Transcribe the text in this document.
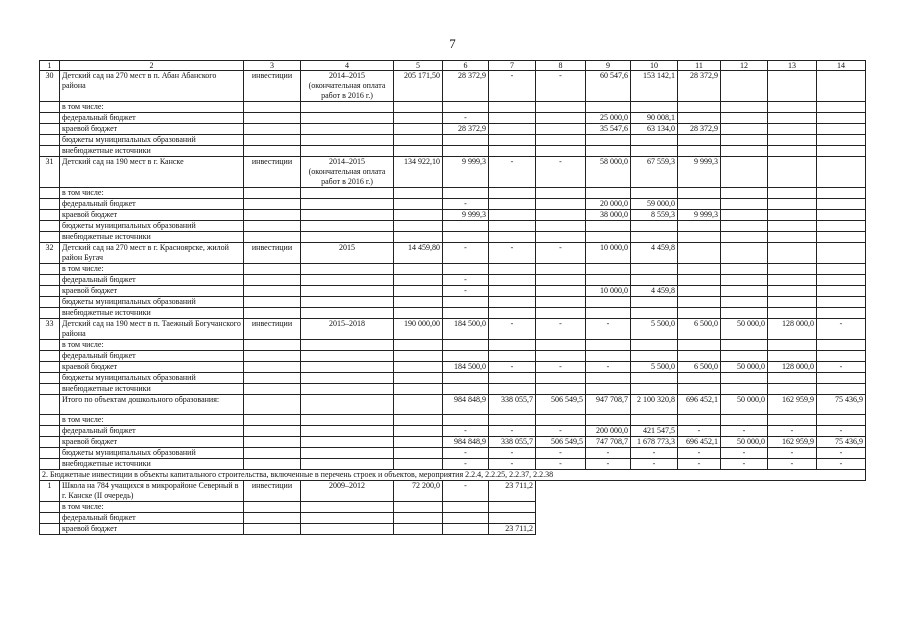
7
1	2	3	4	5	6	7	8	9	10	11	12	13	14
30	Детский сад на 270 мест в п. Абан Абанского района	инвестиции	2014–2015 (окончательная оплата работ в 2016 г.)	205 171,50	28 372,9	-	-	60 547,6	153 142,1	28 372,9			
	в том числе:												
	федеральный бюджет				-			25 000,0	90 008,1				
	краевой бюджет				28 372,9			35 547,6	63 134,0	28 372,9			
	бюджеты муниципальных образований												
	внебюджетные источники												
31	Детский сад на 190 мест в г. Канске	инвестиции	2014–2015 (окончательная оплата работ в 2016 г.)	134 922,10	9 999,3	-	-	58 000,0	67 559,3	9 999,3			
	в том числе:												
	федеральный бюджет				-			20 000,0	59 000,0				
	краевой бюджет				9 999,3			38 000,0	8 559,3	9 999,3			
	бюджеты муниципальных образований												
	внебюджетные источники												
32	Детский сад на 270 мест в г. Красноярске, жилой район Бугач	инвестиции	2015	14 459,80	-	-	-	10 000,0	4 459,8				
	в том числе:												
	федеральный бюджет				-								
	краевой бюджет				-			10 000,0	4 459,8				
	бюджеты муниципальных образований												
	внебюджетные источники												
33	Детский сад на 190 мест в п. Таежный Богучанского района	инвестиции	2015–2018	190 000,00	184 500,0	-	-	-	5 500,0	6 500,0	50 000,0	128 000,0	-
	в том числе:												
	федеральный бюджет												
	краевой бюджет				184 500,0	-	-	-	5 500,0	6 500,0	50 000,0	128 000,0	-
	бюджеты муниципальных образований												
	внебюджетные источники												
	Итого по объектам дошкольного образования:				984 848,9	338 055,7	506 549,5	947 708,7	2 100 320,8	696 452,1	50 000,0	162 959,9	75 436,9
	в том числе:												
	федеральный бюджет				-	-	-	200 000,0	421 547,5	-	-	-	-
	краевой бюджет				984 848,9	338 055,7	506 549,5	747 708,7	1 678 773,3	696 452,1	50 000,0	162 959,9	75 436,9
	бюджеты муниципальных образований				-	-	-	-	-	-	-	-	-
	внебюджетные источники				-	-	-	-	-	-	-	-	-
2. Бюджетные инвестиции в объекты капитального строительства, включенные в перечень строек и объектов, мероприятия 2.2.4, 2.2.25, 2.2.37, 2.2.38													
1	Школа на 784 учащихся в микрорайоне Северный в г. Канске (II очередь)	инвестиции	2009–2012	72 200,0	-	23 711,2							
	в том числе:												
	федеральный бюджет												
	краевой бюджет					23 711,2							
